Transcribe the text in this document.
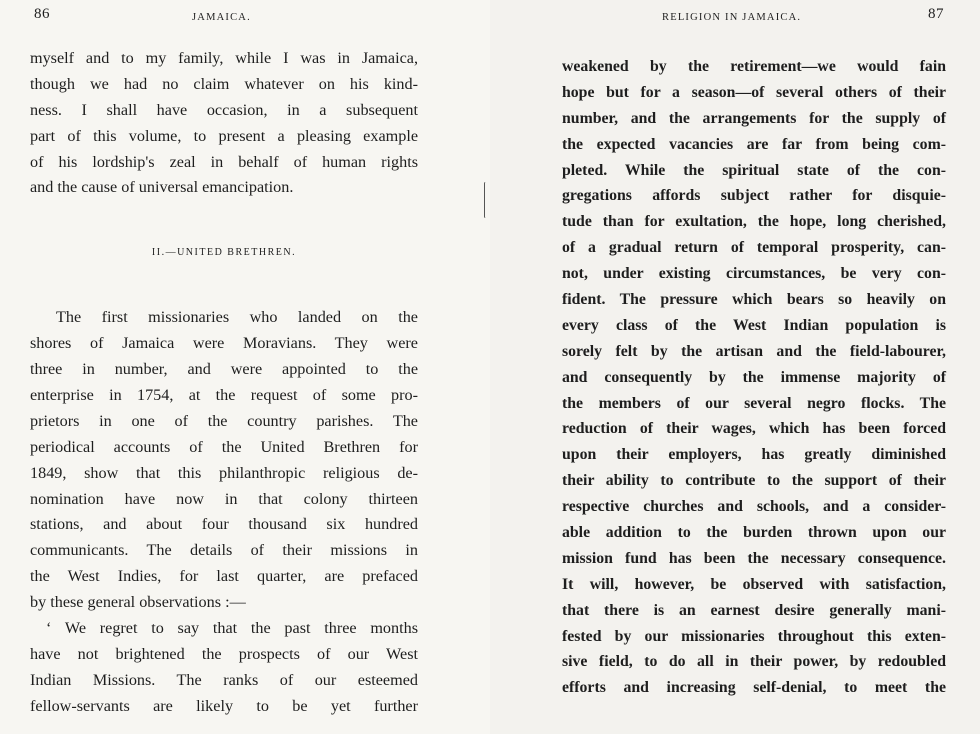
86	JAMAICA.
myself and to my family, while I was in Jamaica,
though we had no claim whatever on his kind-
ness. I shall have occasion, in a subsequent
part of this volume, to present a pleasing example
of his lordship's zeal in behalf of human rights
and the cause of universal emancipation.
II.—UNITED BRETHREN.
The first missionaries who landed on the
shores of Jamaica were Moravians. They were
three in number, and were appointed to the
enterprise in 1754, at the request of some pro-
prietors in one of the country parishes. The
periodical accounts of the United Brethren for
1849, show that this philanthropic religious de-
nomination have now in that colony thirteen
stations, and about four thousand six hundred
communicants. The details of their missions in
the West Indies, for last quarter, are prefaced
by these general observations :—
‘ We regret to say that the past three months
have not brightened the prospects of our West
Indian Missions. The ranks of our esteemed
fellow-servants are likely to be yet further
RELIGION IN JAMAICA.	87
weakened by the retirement—we would fain
hope but for a season—of several others of their
number, and the arrangements for the supply of
the expected vacancies are far from being com-
pleted. While the spiritual state of the con-
gregations affords subject rather for disquie-
tude than for exultation, the hope, long cherished,
of a gradual return of temporal prosperity, can-
not, under existing circumstances, be very con-
fident. The pressure which bears so heavily on
every class of the West Indian population is
sorely felt by the artisan and the field-labourer,
and consequently by the immense majority of
the members of our several negro flocks. The
reduction of their wages, which has been forced
upon their employers, has greatly diminished
their ability to contribute to the support of their
respective churches and schools, and a consider-
able addition to the burden thrown upon our
mission fund has been the necessary consequence.
It will, however, be observed with satisfaction,
that there is an earnest desire generally mani-
fested by our missionaries throughout this exten-
sive field, to do all in their power, by redoubled
efforts and increasing self-denial, to meet the
